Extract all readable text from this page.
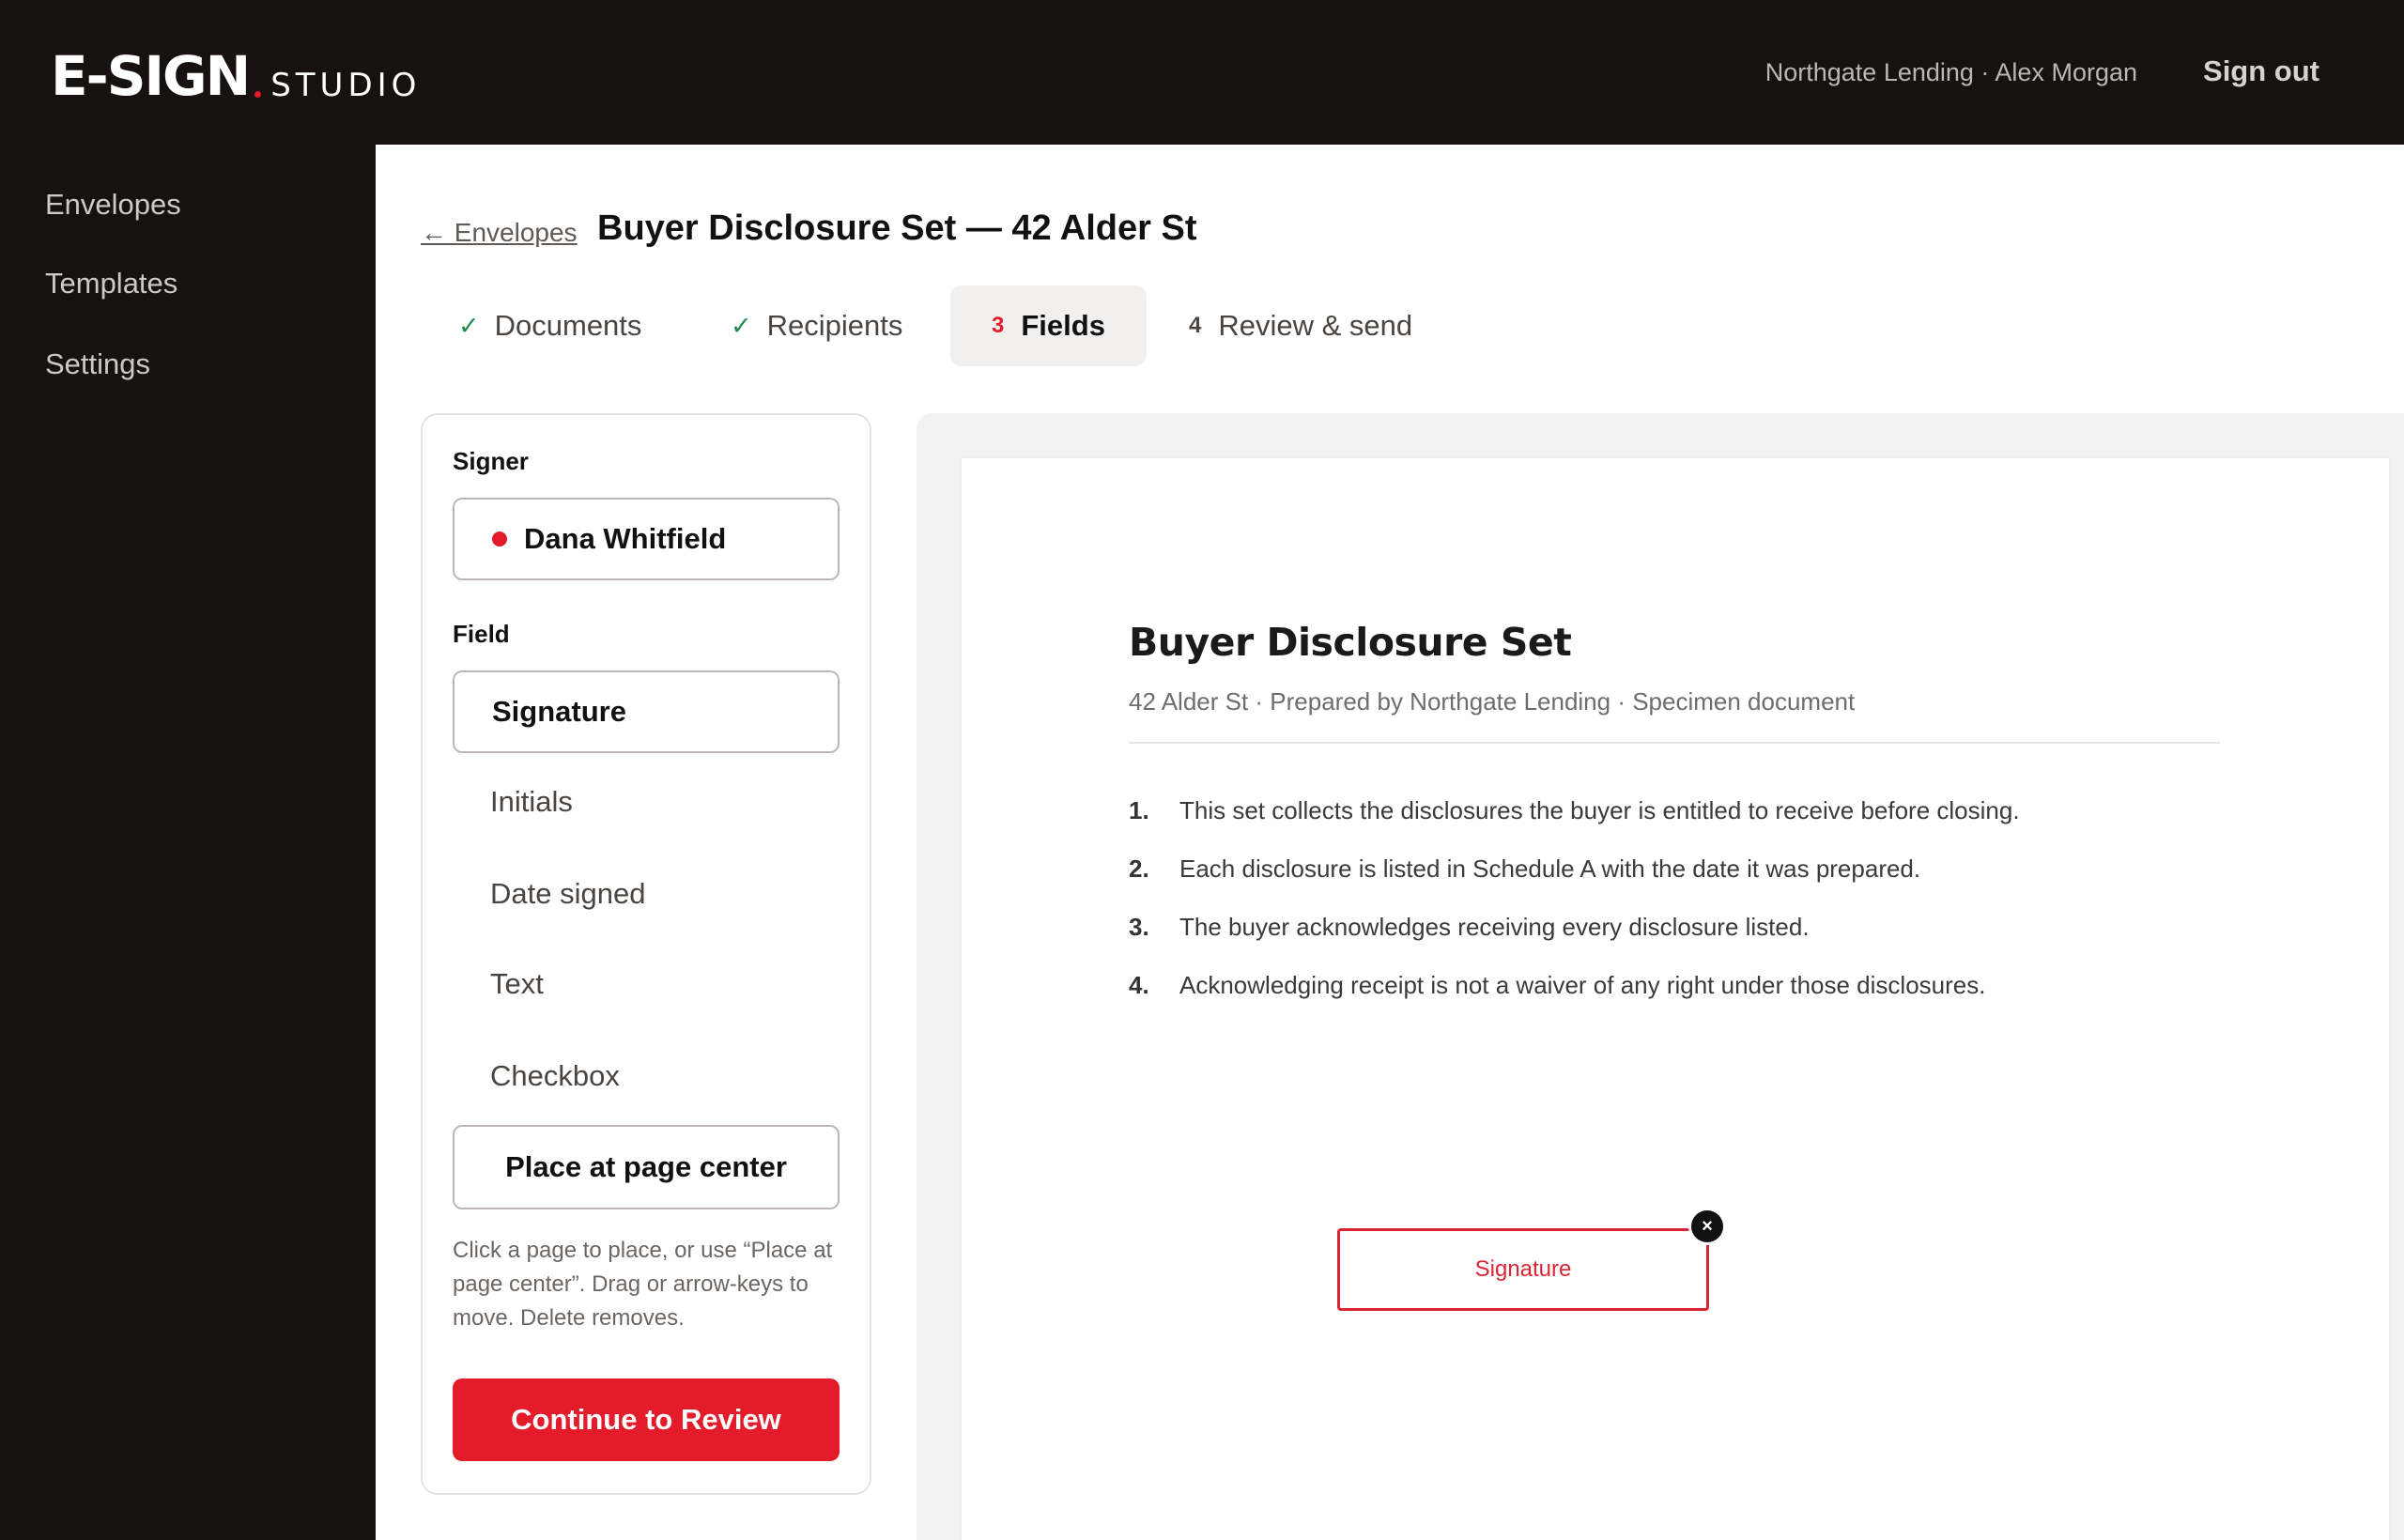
E-SIGN STUDIO	Northgate Lending · Alex Morgan Sign out
Envelopes
Templates
Settings
← Envelopes Buyer Disclosure Set — 42 Alder St
✓ Documents	✓ Recipients	3 Fields	4 Review & send
Signer
Dana Whitfield
Field
Signature
Initials
Date signed
Text
Checkbox
Place at page center

Click a page to place, or use “Place at page center”. Drag or arrow-keys to move. Delete removes.

Continue to Review
Buyer Disclosure Set
42 Alder St · Prepared by Northgate Lending · Specimen document
1.	This set collects the disclosures the buyer is entitled to receive before closing.
2.	Each disclosure is listed in Schedule A with the date it was prepared.
3.	The buyer acknowledges receiving every disclosure listed.
4.	Acknowledging receipt is not a waiver of any right under those disclosures.
Signature
×
